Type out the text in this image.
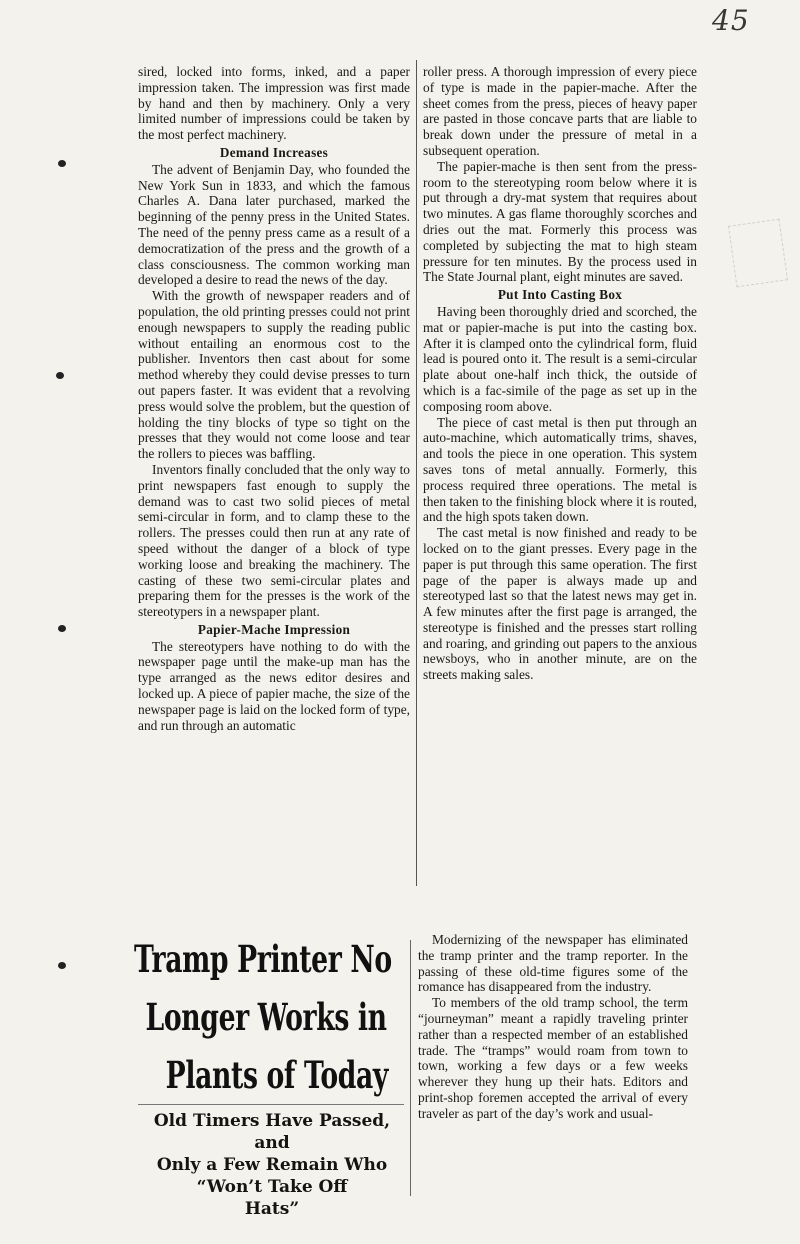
45

sired, locked into forms, inked, and a paper impression taken. The impression was first made by hand and then by machinery. Only a very limited number of impressions could be taken by the most perfect machinery.

Demand Increases

The advent of Benjamin Day, who founded the New York Sun in 1833, and which the famous Charles A. Dana later purchased, marked the beginning of the penny press in the United States. The need of the penny press came as a result of a democratization of the press and the growth of a class consciousness. The common working man developed a desire to read the news of the day.

With the growth of newspaper readers and of population, the old printing presses could not print enough newspapers to supply the reading public without entailing an enormous cost to the publisher. Inventors then cast about for some method whereby they could devise presses to turn out papers faster. It was evident that a revolving press would solve the problem, but the question of holding the tiny blocks of type so tight on the presses that they would not come loose and tear the rollers to pieces was baffling.

Inventors finally concluded that the only way to print newspapers fast enough to supply the demand was to cast two solid pieces of metal semi-circular in form, and to clamp these to the rollers. The presses could then run at any rate of speed without the danger of a block of type working loose and breaking the machinery. The casting of these two semi-circular plates and preparing them for the presses is the work of the stereotypers in a newspaper plant.

Papier-Mache Impression

The stereotypers have nothing to do with the newspaper page until the make-up man has the type arranged as the news editor desires and locked up. A piece of papier mache, the size of the newspaper page is laid on the locked form of type, and run through an automatic

roller press. A thorough impression of every piece of type is made in the papier-mache. After the sheet comes from the press, pieces of heavy paper are pasted in those concave parts that are liable to break down under the pressure of metal in a subsequent operation.

The papier-mache is then sent from the press-room to the stereotyping room below where it is put through a dry-mat system that requires about two minutes. A gas flame thoroughly scorches and dries out the mat. Formerly this process was completed by subjecting the mat to high steam pressure for ten minutes. By the process used in The State Journal plant, eight minutes are saved.

Put Into Casting Box

Having been thoroughly dried and scorched, the mat or papier-mache is put into the casting box. After it is clamped onto the cylindrical form, fluid lead is poured onto it. The result is a semi-circular plate about one-half inch thick, the outside of which is a fac-simile of the page as set up in the composing room above.

The piece of cast metal is then put through an auto-machine, which automatically trims, shaves, and tools the piece in one operation. This system saves tons of metal annually. Formerly, this process required three operations. The metal is then taken to the finishing block where it is routed, and the high spots taken down.

The cast metal is now finished and ready to be locked on to the giant presses. Every page in the paper is put through this same operation. The first page of the paper is always made up and stereotyped last so that the latest news may get in. A few minutes after the first page is arranged, the stereotype is finished and the presses start rolling and roaring, and grinding out papers to the anxious newsboys, who in another minute, are on the streets making sales.

Tramp Printer No
Longer Works in
Plants of Today
Old Timers Have Passed, and
Only a Few Remain Who
“Won’t Take Off
Hats”

Modernizing of the newspaper has eliminated the tramp printer and the tramp reporter. In the passing of these old-time figures some of the romance has disappeared from the industry.

To members of the old tramp school, the term “journeyman” meant a rapidly traveling printer rather than a respected member of an established trade. The “tramps” would roam from town to town, working a few days or a few weeks wherever they hung up their hats. Editors and print-shop foremen accepted the arrival of every traveler as part of the day’s work and usual-
